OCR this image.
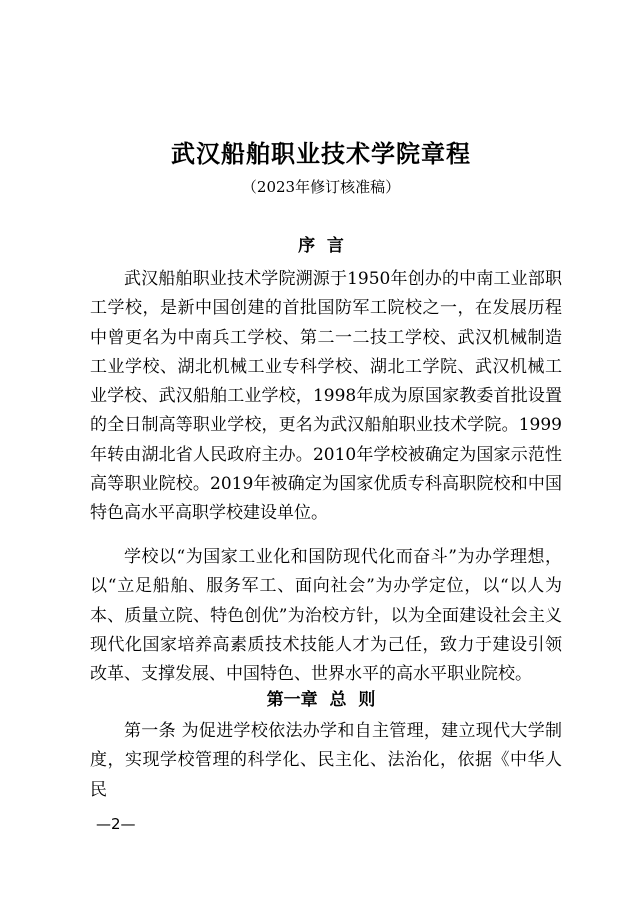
武汉船舶职业技术学院章程
（2023年修订核准稿）
序  言

武汉船舶职业技术学院溯源于1950年创办的中南工业部职工学校，是新中国创建的首批国防军工院校之一，在发展历程中曾更名为中南兵工学校、第二一二技工学校、武汉机械制造工业学校、湖北机械工业专科学校、湖北工学院、武汉机械工业学校、武汉船舶工业学校，1998年成为原国家教委首批设置的全日制高等职业学校，更名为武汉船舶职业技术学院。1999年转由湖北省人民政府主办。2010年学校被确定为国家示范性高等职业院校。2019年被确定为国家优质专科高职院校和中国特色高水平高职学校建设单位。

学校以“为国家工业化和国防现代化而奋斗”为办学理想，以“立足船舶、服务军工、面向社会”为办学定位，以“以人为本、质量立院、特色创优”为治校方针，以为全面建设社会主义现代化国家培养高素质技术技能人才为己任，致力于建设引领改革、支撑发展、中国特色、世界水平的高水平职业院校。

第一章  总  则

第一条 为促进学校依法办学和自主管理，建立现代大学制度，实现学校管理的科学化、民主化、法治化，依据《中华人民

—2—
